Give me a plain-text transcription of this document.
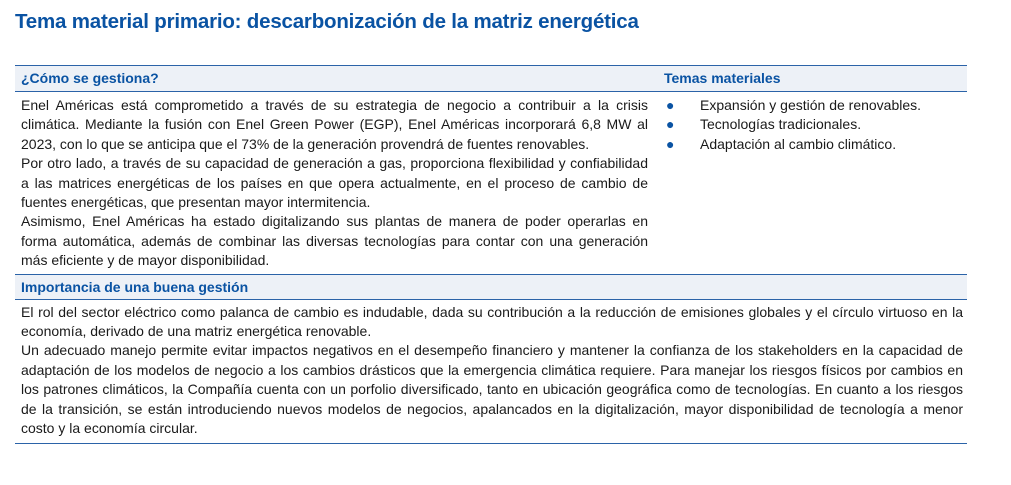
Tema material primario: descarbonización de la matriz energética
¿Cómo se gestiona?	Temas materiales

Enel Américas está comprometido a través de su estrategia de negocio a contribuir a la crisis climática. Mediante la fusión con Enel Green Power (EGP), Enel Américas incorporará 6,8 MW al 2023, con lo que se anticipa que el 73% de la generación provendrá de fuentes renovables.

Por otro lado, a través de su capacidad de generación a gas, proporciona flexibilidad y confiabilidad a las matrices energéticas de los países en que opera actualmente, en el proceso de cambio de fuentes energéticas, que presentan mayor intermitencia.

Asimismo, Enel Américas ha estado digitalizando sus plantas de manera de poder operarlas en forma automática, además de combinar las diversas tecnologías para contar con una generación más eficiente y de mayor disponibilidad.

● Expansión y gestión de renovables.
● Tecnologías tradicionales.
● Adaptación al cambio climático.
Importancia de una buena gestión

El rol del sector eléctrico como palanca de cambio es indudable, dada su contribución a la reducción de emisiones globales y el círculo virtuoso en la economía, derivado de una matriz energética renovable.

Un adecuado manejo permite evitar impactos negativos en el desempeño financiero y mantener la confianza de los stakeholders en la capacidad de adaptación de los modelos de negocio a los cambios drásticos que la emergencia climática requiere. Para manejar los riesgos físicos por cambios en los patrones climáticos, la Compañía cuenta con un porfolio diversificado, tanto en ubicación geográfica como de tecnologías. En cuanto a los riesgos de la transición, se están introduciendo nuevos modelos de negocios, apalancados en la digitalización, mayor disponibilidad de tecnología a menor costo y la economía circular.
